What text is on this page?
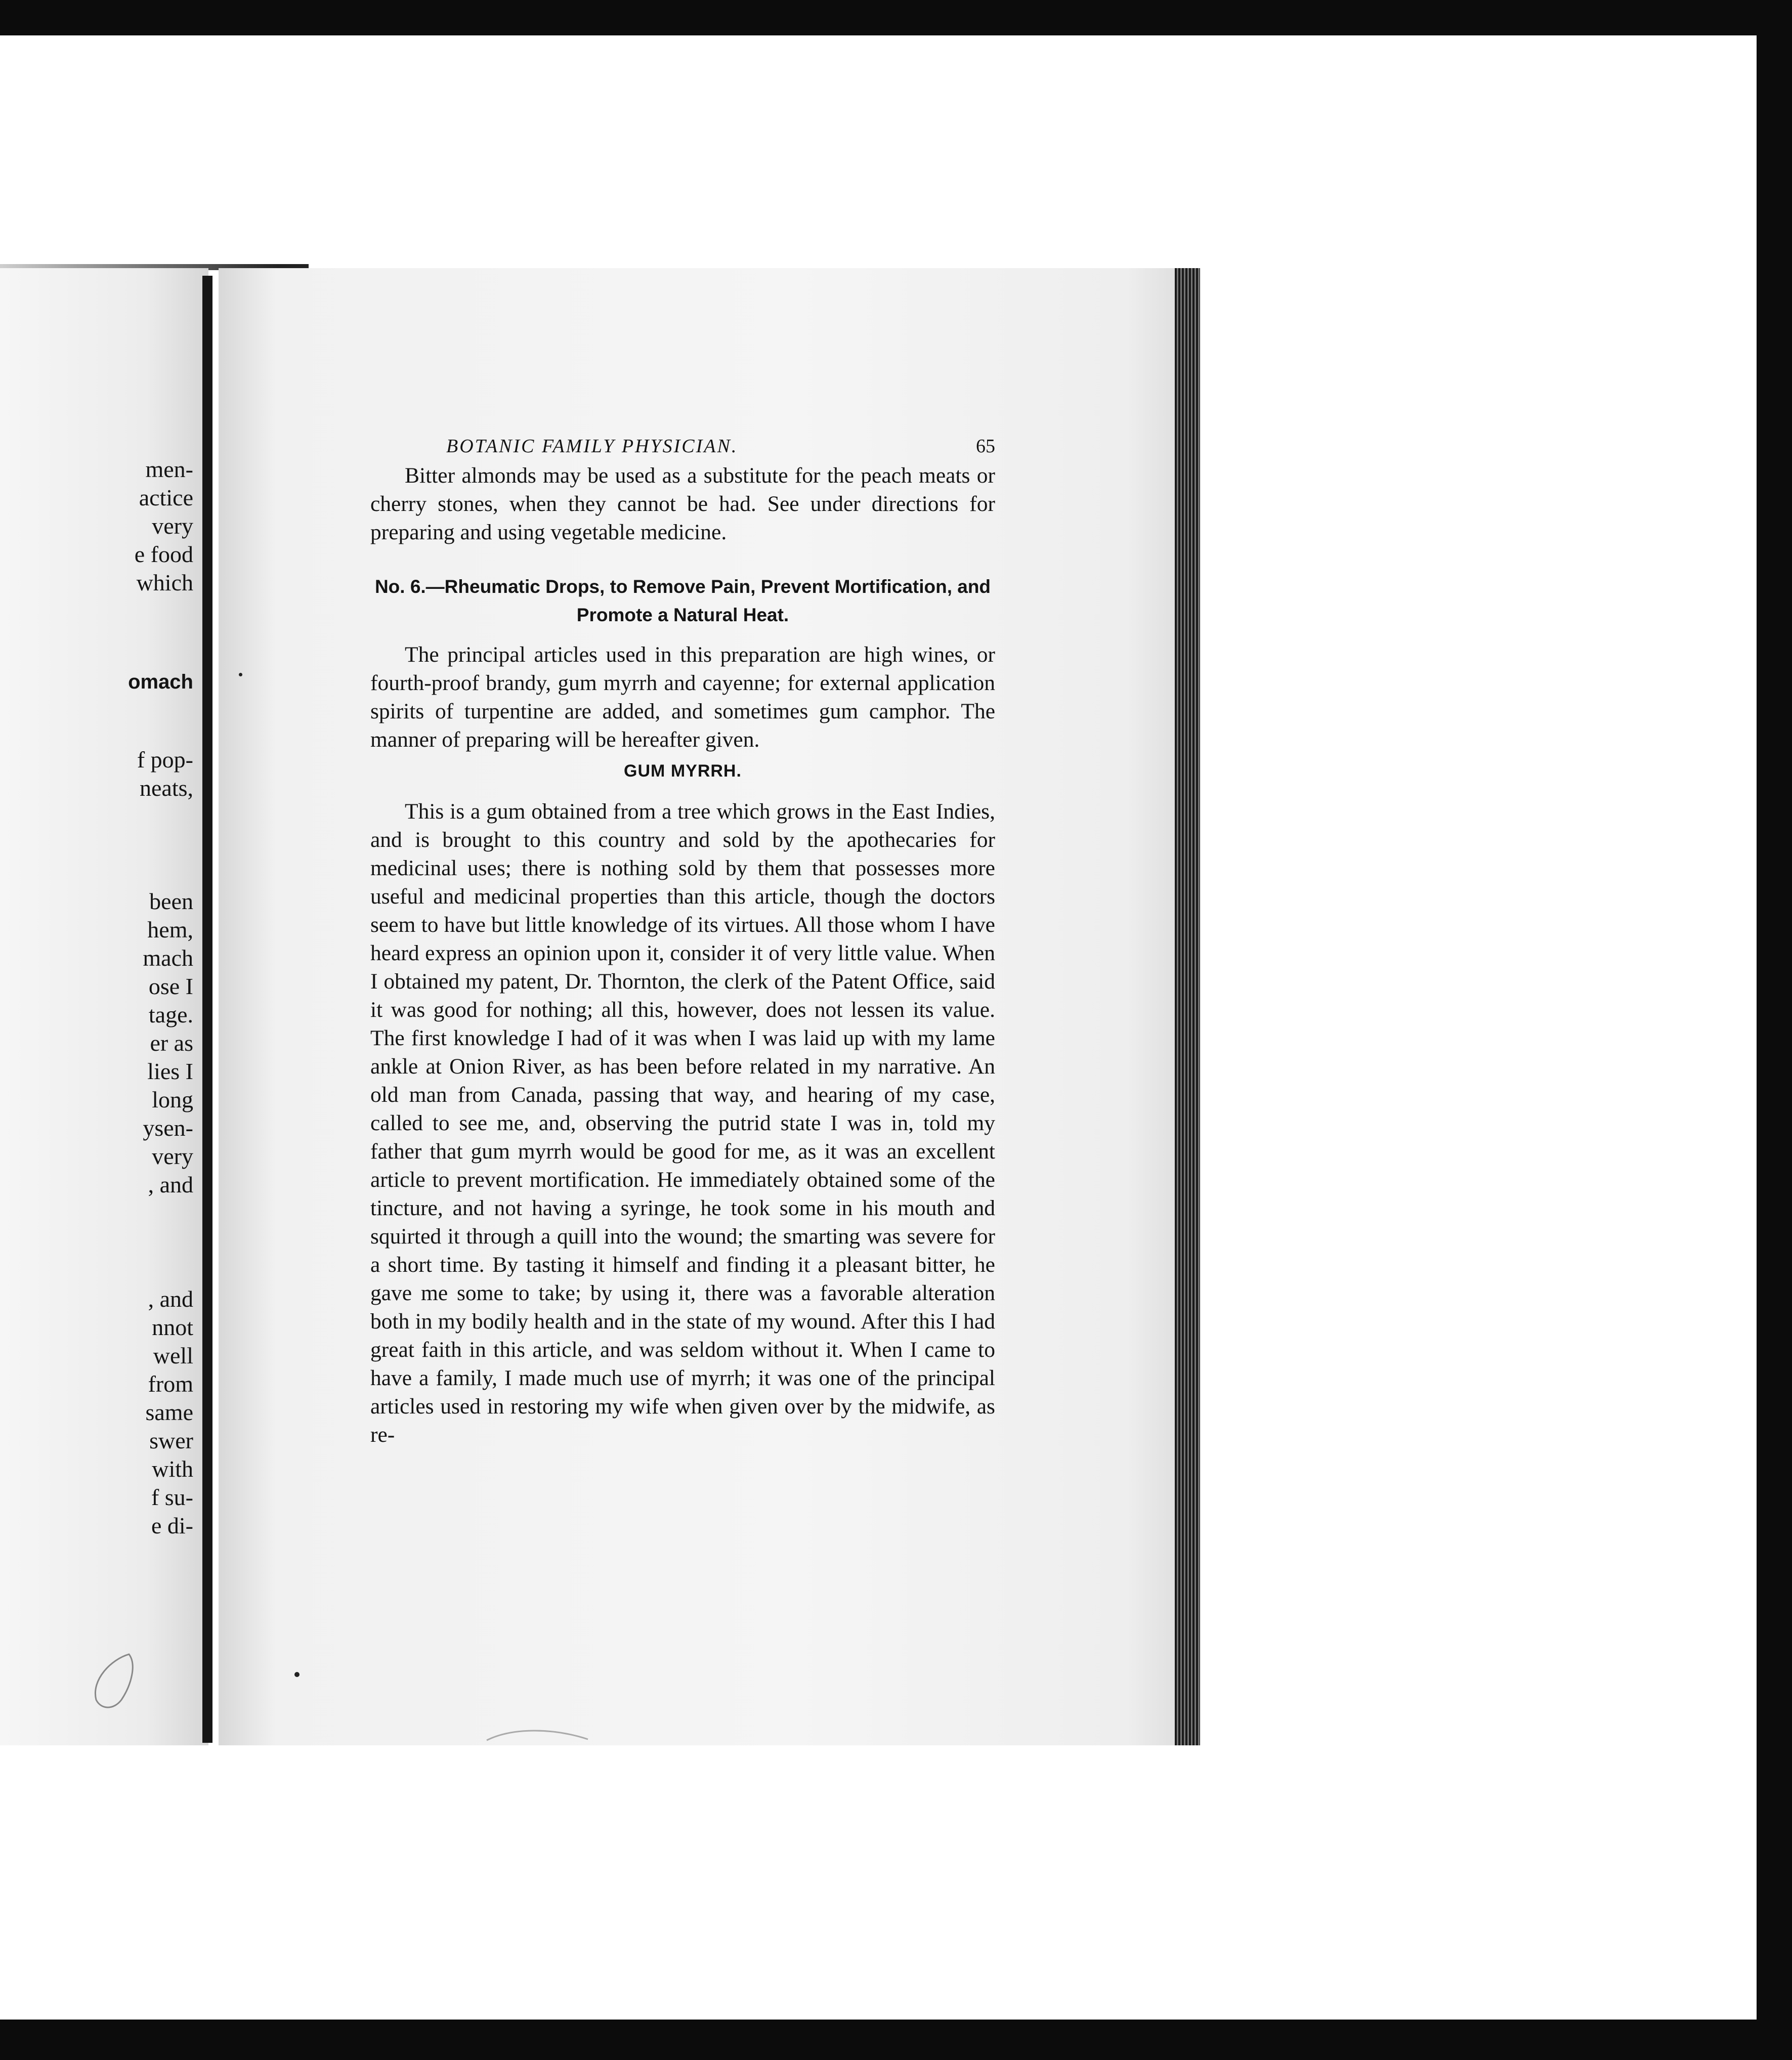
men-
actice
very
e food
which
omach
f pop-
neats,
been
hem,
mach
ose I
tage.
er as
lies I
long
ysen-
very
, and
, and
nnot
well
from
same
swer
with
f su-
e di-
BOTANIC FAMILY PHYSICIAN.	65

Bitter almonds may be used as a substitute for the peach meats or cherry stones, when they cannot be had. See under directions for preparing and using vegetable medicine.

No. 6.—Rheumatic Drops, to Remove Pain, Prevent Mortification, and Promote a Natural Heat.

The principal articles used in this preparation are high wines, or fourth-proof brandy, gum myrrh and cayenne; for external application spirits of turpentine are added, and sometimes gum camphor. The manner of preparing will be hereafter given.

GUM MYRRH.

This is a gum obtained from a tree which grows in the East Indies, and is brought to this country and sold by the apothecaries for medicinal uses; there is nothing sold by them that possesses more useful and medicinal properties than this article, though the doctors seem to have but little knowledge of its virtues. All those whom I have heard express an opinion upon it, consider it of very little value. When I obtained my patent, Dr. Thornton, the clerk of the Patent Office, said it was good for nothing; all this, however, does not lessen its value. The first knowledge I had of it was when I was laid up with my lame ankle at Onion River, as has been before related in my narrative. An old man from Canada, passing that way, and hearing of my case, called to see me, and, observing the putrid state I was in, told my father that gum myrrh would be good for me, as it was an excellent article to prevent mortification. He immediately obtained some of the tincture, and not having a syringe, he took some in his mouth and squirted it through a quill into the wound; the smarting was severe for a short time. By tasting it himself and finding it a pleasant bitter, he gave me some to take; by using it, there was a favorable alteration both in my bodily health and in the state of my wound. After this I had great faith in this article, and was seldom without it. When I came to have a family, I made much use of myrrh; it was one of the principal articles used in restoring my wife when given over by the midwife, as re-
